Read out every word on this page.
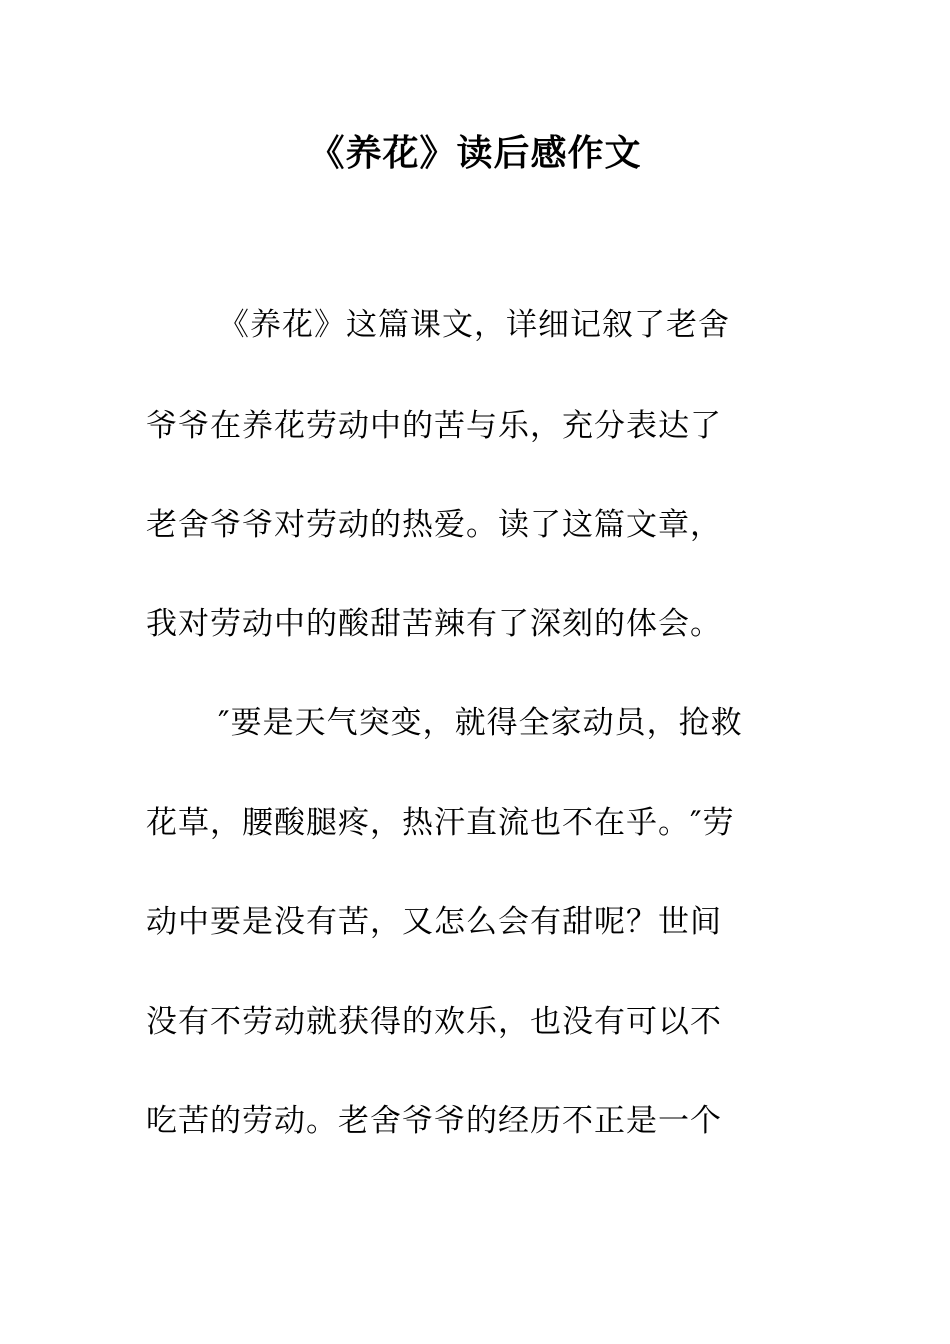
《养花》读后感作文
《养花》这篇课文，详细记叙了老舍
爷爷在养花劳动中的苦与乐，充分表达了
老舍爷爷对劳动的热爱。读了这篇文章，
我对劳动中的酸甜苦辣有了深刻的体会。
″要是天气突变，就得全家动员，抢救
花草，腰酸腿疼，热汗直流也不在乎。″劳
动中要是没有苦，又怎么会有甜呢？世间
没有不劳动就获得的欢乐，也没有可以不
吃苦的劳动。老舍爷爷的经历不正是一个
